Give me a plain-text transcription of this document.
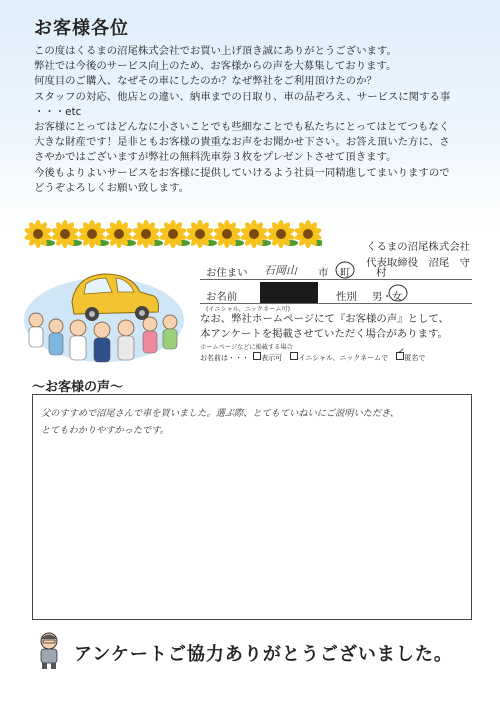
お客様各位

この度はくるまの沼尾株式会社でお買い上げ頂き誠にありがとうございます。

弊社では今後のサービス向上のため、お客様からの声を大募集しております。

何度目のご購入、なぜその車にしたのか？なぜ弊社をご利用頂けたのか？

スタッフの対応、他店との違い、納車までの日取り、車の品ぞろえ、サービスに関する事

・・・etc

お客様にとってはどんなに小さいことでも些細なことでも私たちにとってはとてつもなく

大きな財産です！是非ともお客様の貴重なお声をお聞かせ下さい。お答え頂いた方に、さ

さやかではございますが弊社の無料洗車券３枚をプレゼントさせて頂きます。

今後もよりよいサービスをお客様に提供していけるよう社員一同精進してまいりますので

どうぞよろしくお願い致します。

くるまの沼尾株式会社
代表取締役　沼尾　守
お住まい 石岡山 市 町 村
お名前	性別 男 ・ 女
(イニシャル、ニックネーム可)
なお、弊社ホームページにて『お客様の声』として、
本アンケートを掲載させていただく場合があります。
ホームページなどに掲載する場合
お名前は・・・ 表示可 イニシャル、ニックネームで
✓
匿名で
〜お客様の声〜
父のすすめで沼尾さんで車を買いました。選ぶ際、とてもていねいにご説明いただき、
とてもわかりやすかったです。
アンケートご協力ありがとうございました。
